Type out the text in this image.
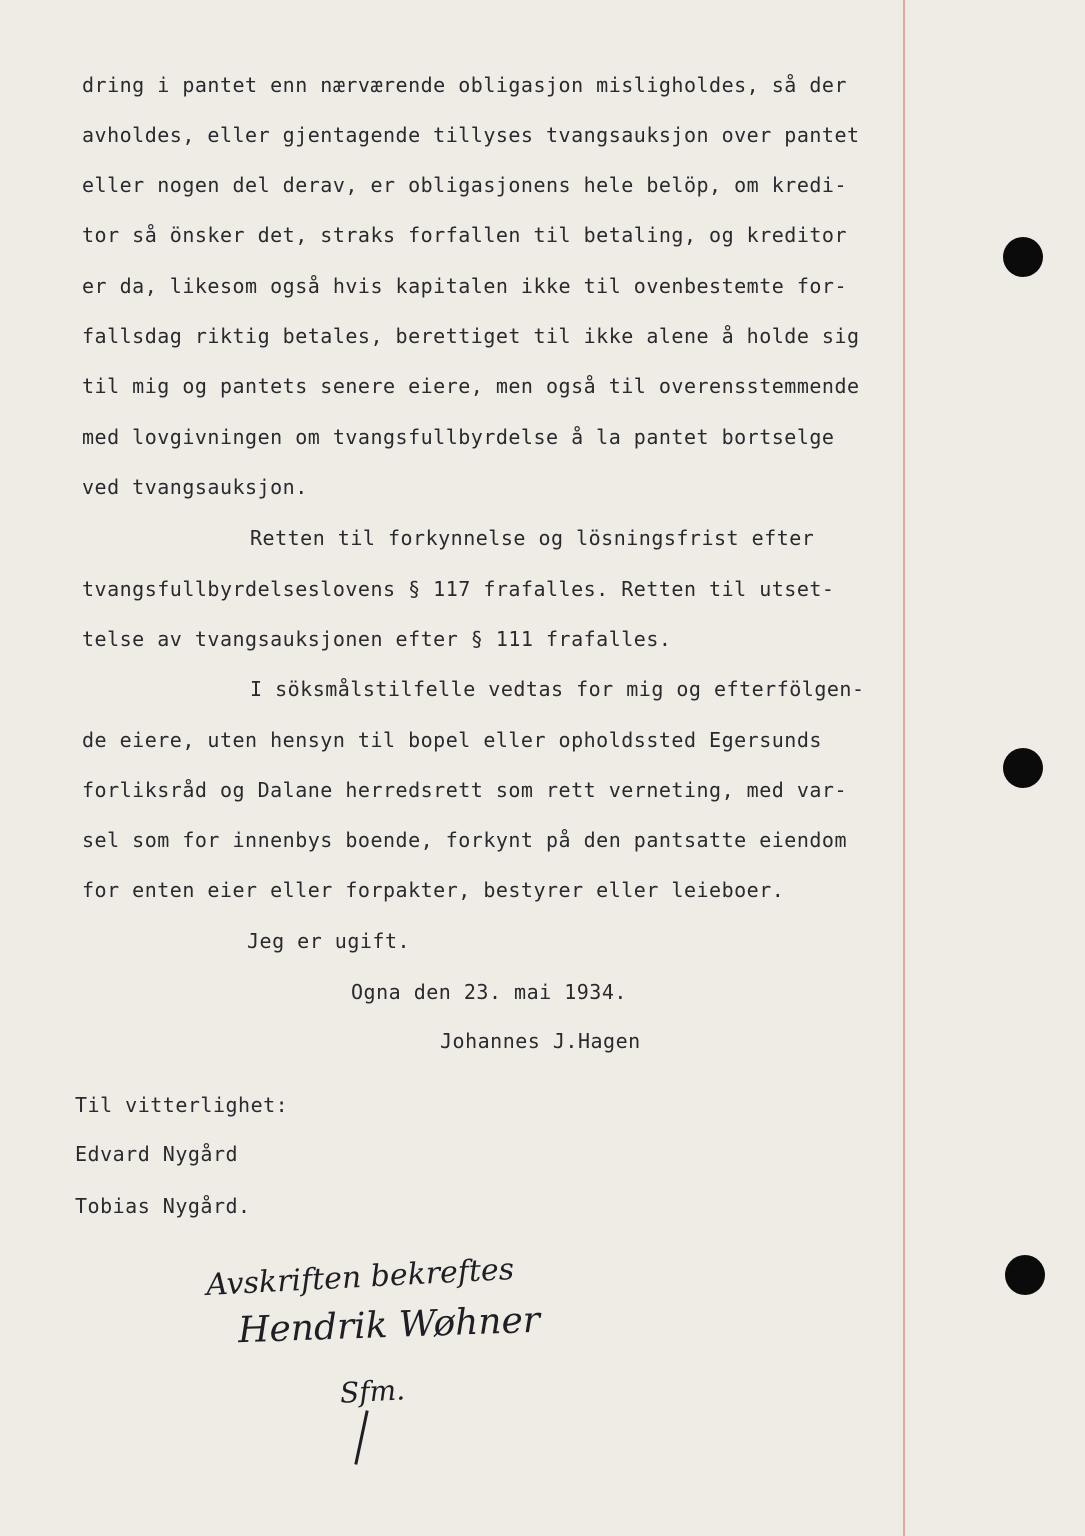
dring i pantet enn nærværende obligasjon misligholdes, så der

avholdes, eller gjentagende tillyses tvangsauksjon over pantet

eller nogen del derav, er obligasjonens hele belöp, om kredi-

tor så önsker det, straks forfallen til betaling, og kreditor

er da, likesom også hvis kapitalen ikke til ovenbestemte for-

fallsdag riktig betales, berettiget til ikke alene å holde sig

til mig og pantets senere eiere, men også til overensstemmende

med lovgivningen om tvangsfullbyrdelse å la pantet bortselge

ved tvangsauksjon.

Retten til forkynnelse og lösningsfrist efter

tvangsfullbyrdelseslovens § 117 frafalles. Retten til utset-

telse av tvangsauksjonen efter § 111 frafalles.

I söksmålstilfelle vedtas for mig og efterfölgen-

de eiere, uten hensyn til bopel eller opholdssted Egersunds

forliksråd og Dalane herredsrett som rett verneting, med var-

sel som for innenbys boende, forkynt på den pantsatte eiendom

for enten eier eller forpakter, bestyrer eller leieboer.

Jeg er ugift.

Ogna den 23. mai 1934.

Johannes J.Hagen

Til vitterlighet:

Edvard Nygård

Tobias Nygård.

Avskriften bekreftes

Hendrik Wøhner

Sfm.
